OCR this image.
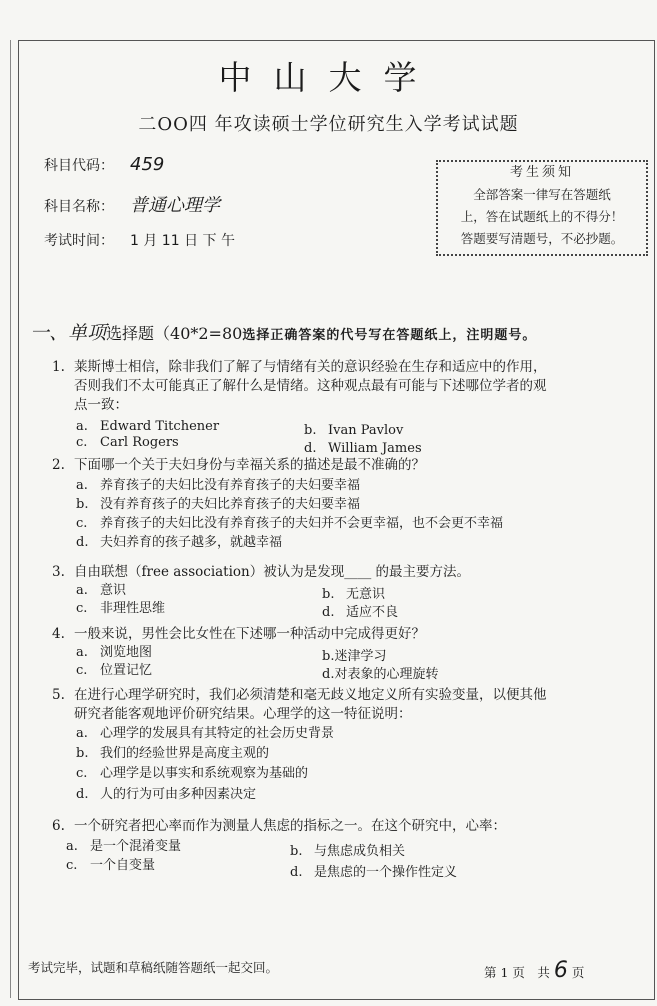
中山大学
二OO四 年攻读硕士学位研究生入学考试试题
科目代码： 459
科目名称： 普通心理学
考试时间： 1 月 11 日 下 午
考生须知
全部答案一律写在答题纸
上，答在试题纸上的不得分！
答题要写清题号，不必抄题。
一、单项选择题（40*2=80选择正确答案的代号写在答题纸上，注明题号。
1. 莱斯博士相信，除非我们了解了与情绪有关的意识经验在生存和适应中的作用，
否则我们不太可能真正了解什么是情绪。这种观点最有可能与下述哪位学者的观
点一致：
a. Edward Titchener	b. Ivan Pavlov
c. Carl Rogers	d. William James
2. 下面哪一个关于夫妇身份与幸福关系的描述是最不准确的？
a. 养育孩子的夫妇比没有养育孩子的夫妇要幸福
b. 没有养育孩子的夫妇比养育孩子的夫妇要幸福
c. 养育孩子的夫妇比没有养育孩子的夫妇并不会更幸福，也不会更不幸福
d. 夫妇养育的孩子越多，就越幸福
3. 自由联想（free association）被认为是发现____ 的最主要方法。
a. 意识	b. 无意识
c. 非理性思维	d. 适应不良
4. 一般来说，男性会比女性在下述哪一种活动中完成得更好？
a. 浏览地图	b.迷津学习
c. 位置记忆	d.对表象的心理旋转
5. 在进行心理学研究时，我们必须清楚和毫无歧义地定义所有实验变量，以便其他
研究者能客观地评价研究结果。心理学的这一特征说明：
a. 心理学的发展具有其特定的社会历史背景
b. 我们的经验世界是高度主观的
c. 心理学是以事实和系统观察为基础的
d. 人的行为可由多种因素决定
6. 一个研究者把心率而作为测量人焦虑的指标之一。在这个研究中，心率：
a. 是一个混淆变量	b. 与焦虑成负相关
c. 一个自变量	d. 是焦虑的一个操作性定义
考试完毕，试题和草稿纸随答题纸一起交回。	第 1 页　共 6 页
